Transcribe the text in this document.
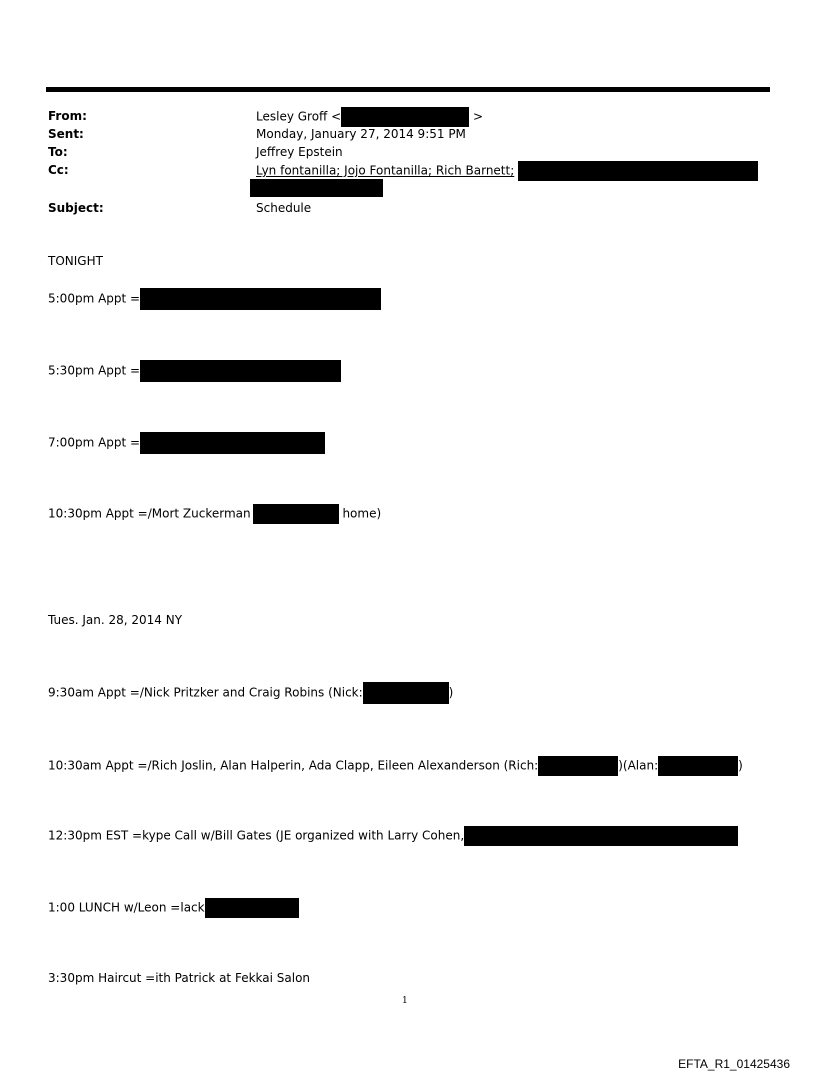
From:	Lesley Groff <	>
Sent:	Monday, January 27, 2014 9:51 PM
To:	Jeffrey Epstein
Cc:	Lyn fontanilla; Jojo Fontanilla; Rich Barnett;
Subject:	Schedule
TONIGHT
5:00pm Appt =
5:30pm Appt =
7:00pm Appt =
10:30pm Appt =/Mort Zuckerman	home)
Tues. Jan. 28, 2014 NY
9:30am Appt =/Nick Pritzker and Craig Robins (Nick:	)
10:30am Appt =/Rich Joslin, Alan Halperin, Ada Clapp, Eileen Alexanderson (Rich:	)(Alan:	)
12:30pm EST =kype Call w/Bill Gates (JE organized with Larry Cohen,
1:00 LUNCH w/Leon =lack
3:30pm Haircut =ith Patrick at Fekkai Salon
1
EFTA_R1_01425436
